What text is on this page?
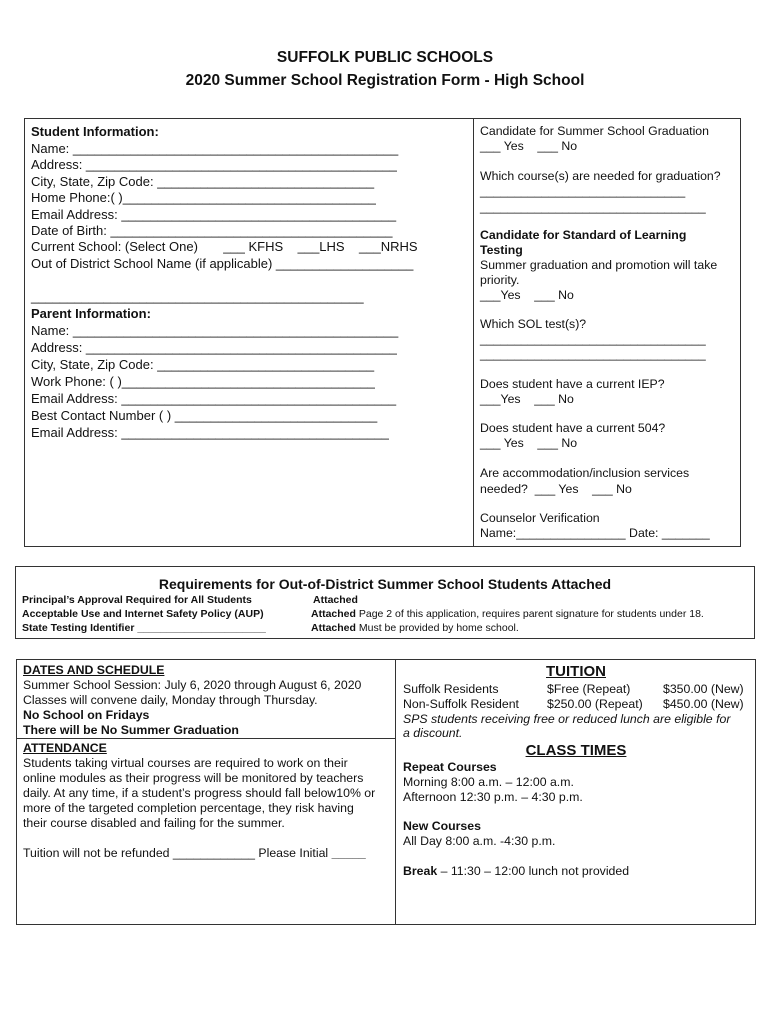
SUFFOLK PUBLIC SCHOOLS
2020 Summer School Registration Form - High School
Student Information:
Name: _____________________________________________
Address: ___________________________________________
City, State, Zip Code: ______________________________
Home Phone:( )___________________________________
Email Address: ______________________________________
Date of Birth: _______________________________________
Current School: (Select One)       ___ KFHS    ___LHS    ___NRHS
Out of District School Name (if applicable) ___________________
______________________________________________
Parent Information:
Name: _____________________________________________
Address: ___________________________________________
City, State, Zip Code: ______________________________
Work Phone: ( )___________________________________
Email Address: ______________________________________
Best Contact Number ( ) ____________________________
Email Address: _____________________________________
Candidate for Summer School Graduation
___ Yes    ___ No
Which course(s) are needed for graduation?
______________________________
_________________________________
Candidate for Standard of Learning
Testing
Summer graduation and promotion will take
priority.
___Yes    ___ No
Which SOL test(s)?
_________________________________
_________________________________
Does student have a current IEP?
___Yes    ___ No
Does student have a current 504?
___ Yes    ___ No
Are accommodation/inclusion services
needed?  ___ Yes    ___ No
Counselor Verification
Name:________________ Date: _______
Requirements for Out-of-District Summer School Students Attached
Principal’s Approval Required for All Students	Attached
Acceptable Use and Internet Safety Policy (AUP)	Attached Page 2 of this application, requires parent signature for students under 18.
State Testing Identifier ______________________	Attached Must be provided by home school.
DATES AND SCHEDULE
Summer School Session: July 6, 2020 through August 6, 2020
Classes will convene daily, Monday through Thursday.
No School on Fridays
There will be No Summer Graduation
ATTENDANCE
Students taking virtual courses are required to work on their
online modules as their progress will be monitored by teachers
daily. At any time, if a student’s progress should fall below10% or
more of the targeted completion percentage, they risk having
their course disabled and failing for the summer.
Tuition will not be refunded ____________ Please Initial _____
TUITION
Suffolk Residents	$Free (Repeat)	$350.00 (New)
Non-Suffolk Resident $250.00 (Repeat) $450.00 (New)
SPS students receiving free or reduced lunch are eligible for
a discount.
CLASS TIMES
Repeat Courses
Morning 8:00 a.m. – 12:00 a.m.
Afternoon 12:30 p.m. – 4:30 p.m.
New Courses
All Day 8:00 a.m. -4:30 p.m.
Break – 11:30 – 12:00 lunch not provided
